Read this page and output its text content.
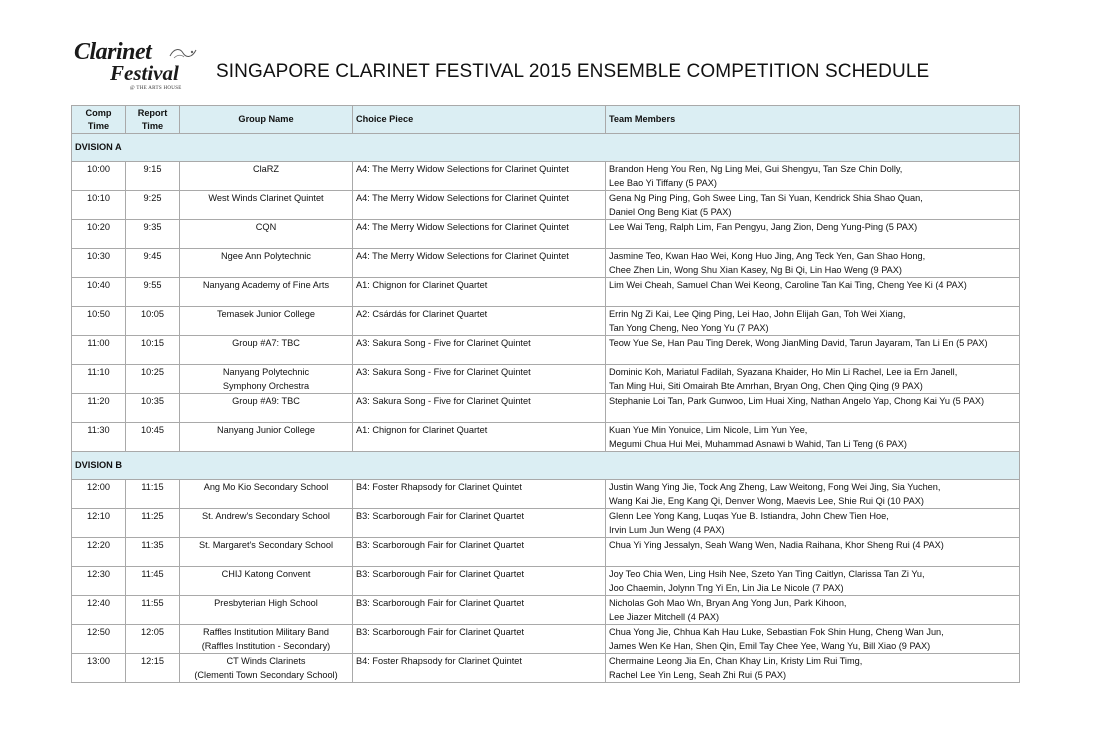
Clarinet
Festival
@ THE ARTS HOUSE
SINGAPORE CLARINET FESTIVAL 2015 ENSEMBLE COMPETITION SCHEDULE
Comp
Time	Report
Time	Group Name	Choice Piece	Team Members
DVISION A				
10:00	9:15	ClaRZ	A4: The Merry Widow Selections for Clarinet Quintet	Brandon Heng You Ren, Ng Ling Mei, Gui Shengyu, Tan Sze Chin Dolly,
Lee Bao Yi Tiffany (5 PAX)

10:10	9:25	West Winds Clarinet Quintet	A4: The Merry Widow Selections for Clarinet Quintet	Gena Ng Ping Ping, Goh Swee Ling, Tan Si Yuan, Kendrick Shia Shao Quan,
Daniel Ong Beng Kiat (5 PAX)

10:20	9:35	CQN	A4: The Merry Widow Selections for Clarinet Quintet	Lee Wai Teng, Ralph Lim, Fan Pengyu, Jang Zion, Deng Yung-Ping (5 PAX)

10:30	9:45	Ngee Ann Polytechnic	A4: The Merry Widow Selections for Clarinet Quintet	Jasmine Teo, Kwan Hao Wei, Kong Huo Jing, Ang Teck Yen, Gan Shao Hong,
Chee Zhen Lin, Wong Shu Xian Kasey, Ng Bi Qi, Lin Hao Weng (9 PAX)

10:40	9:55	Nanyang Academy of Fine Arts	A1: Chignon for Clarinet Quartet	Lim Wei Cheah, Samuel Chan Wei Keong, Caroline Tan Kai Ting, Cheng Yee Ki (4 PAX)

10:50	10:05	Temasek Junior College	A2: Csárdás for Clarinet Quartet	Errin Ng Zi Kai, Lee Qing Ping, Lei Hao, John Elijah Gan, Toh Wei Xiang,
Tan Yong Cheng, Neo Yong Yu (7 PAX)

11:00	10:15	Group #A7: TBC	A3: Sakura Song - Five for Clarinet Quintet	Teow Yue Se, Han Pau Ting Derek, Wong JianMing David, Tarun Jayaram, Tan Li En (5 PAX)

11:10	10:25	Nanyang Polytechnic
Symphony Orchestra	A3: Sakura Song - Five for Clarinet Quintet	Dominic Koh, Mariatul Fadilah, Syazana Khaider, Ho Min Li Rachel, Lee ia Ern Janell,
Tan Ming Hui, Siti Omairah Bte Amrhan, Bryan Ong, Chen Qing Qing (9 PAX)

11:20	10:35	Group #A9: TBC	A3: Sakura Song - Five for Clarinet Quintet	Stephanie Loi Tan, Park Gunwoo, Lim Huai Xing, Nathan Angelo Yap, Chong Kai Yu (5 PAX)

11:30	10:45	Nanyang Junior College	A1: Chignon for Clarinet Quartet	Kuan Yue Min Yonuice, Lim Nicole, Lim Yun Yee,
Megumi Chua Hui Mei, Muhammad Asnawi b Wahid, Tan Li Teng (6 PAX)

DVISION B				
12:00	11:15	Ang Mo Kio Secondary School	B4: Foster Rhapsody for Clarinet Quintet	Justin Wang Ying Jie, Tock Ang Zheng, Law Weitong, Fong Wei Jing, Sia Yuchen,
Wang Kai Jie, Eng Kang Qi, Denver Wong, Maevis Lee, Shie Rui Qi (10 PAX)

12:10	11:25	St. Andrew's Secondary School	B3: Scarborough Fair for Clarinet Quartet	Glenn Lee Yong Kang, Luqas Yue B. Istiandra, John Chew Tien Hoe,
Irvin Lum Jun Weng (4 PAX)

12:20	11:35	St. Margaret's Secondary School	B3: Scarborough Fair for Clarinet Quartet	Chua Yi Ying Jessalyn, Seah Wang Wen, Nadia Raihana, Khor Sheng Rui (4 PAX)

12:30	11:45	CHIJ Katong Convent	B3: Scarborough Fair for Clarinet Quartet	Joy Teo Chia Wen, Ling Hsih Nee, Szeto Yan Ting Caitlyn, Clarissa Tan Zi Yu,
Joo Chaemin, Jolynn Tng Yi En, Lin Jia Le Nicole (7 PAX)

12:40	11:55	Presbyterian High School	B3: Scarborough Fair for Clarinet Quartet	Nicholas Goh Mao Wn, Bryan Ang Yong Jun, Park Kihoon,
Lee Jiazer Mitchell (4 PAX)

12:50	12:05	Raffles Institution Military Band
(Raffles Institution - Secondary)	B3: Scarborough Fair for Clarinet Quartet	Chua Yong Jie, Chhua Kah Hau Luke, Sebastian Fok Shin Hung, Cheng Wan Jun,
James Wen Ke Han, Shen Qin, Emil Tay Chee Yee, Wang Yu, Bill Xiao (9 PAX)

13:00	12:15	CT Winds Clarinets
(Clementi Town Secondary School)	B4: Foster Rhapsody for Clarinet Quintet	Chermaine Leong Jia En, Chan Khay Lin, Kristy Lim Rui Timg,
Rachel Lee Yin Leng, Seah Zhi Rui (5 PAX)
